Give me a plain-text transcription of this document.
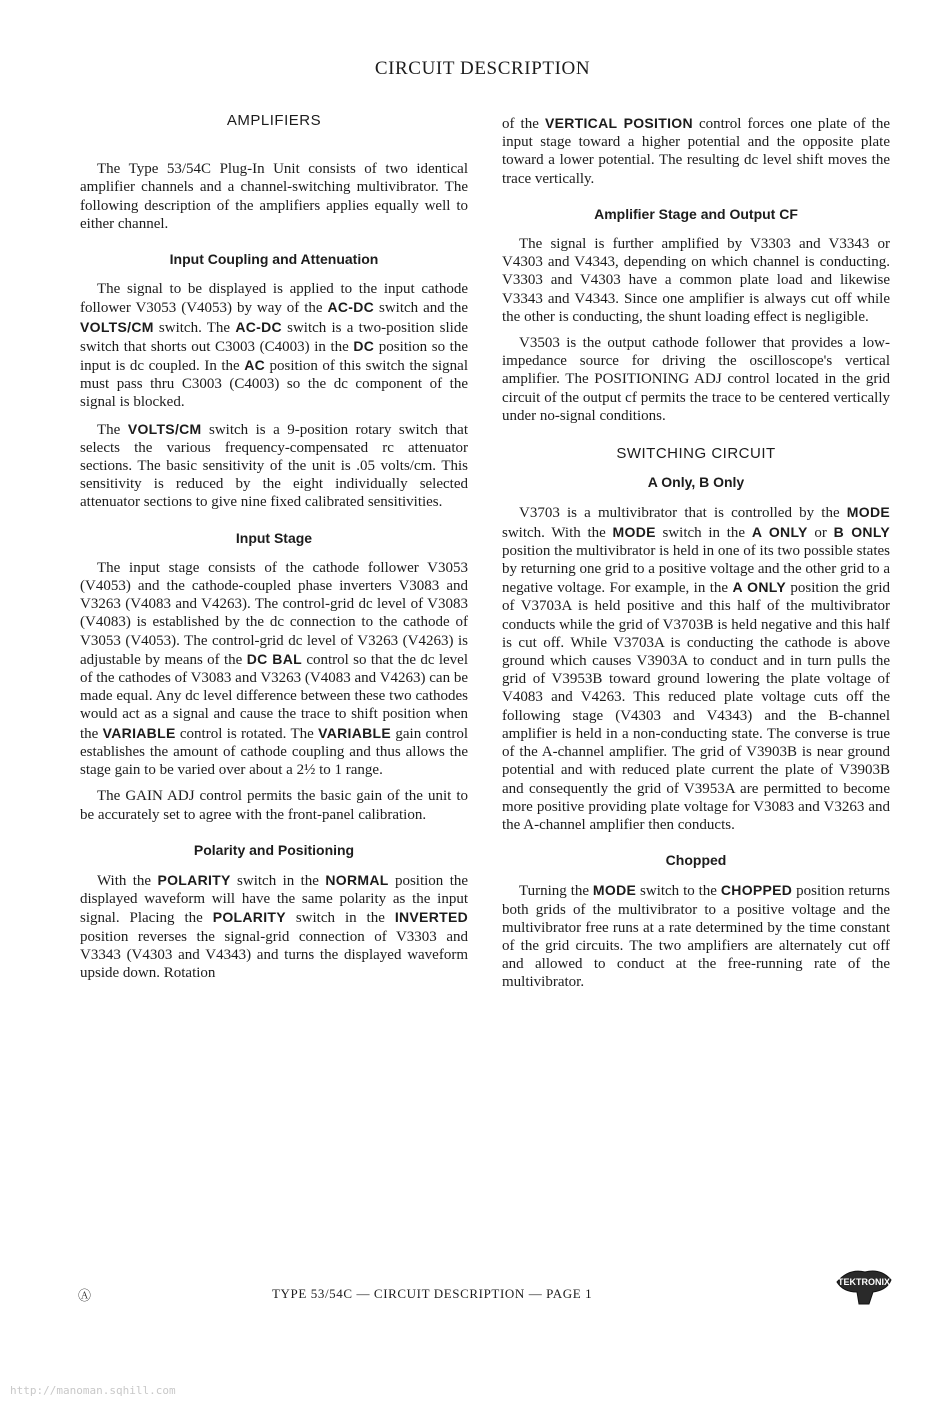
CIRCUIT DESCRIPTION
AMPLIFIERS

The Type 53/54C Plug-In Unit consists of two identical amplifier channels and a channel-switching multivibrator. The following description of the amplifiers applies equally well to either channel.

Input Coupling and Attenuation

The signal to be displayed is applied to the input cathode follower V3053 (V4053) by way of the AC-DC switch and the VOLTS/CM switch. The AC-DC switch is a two-position slide switch that shorts out C3003 (C4003) in the DC position so the input is dc coupled. In the AC position of this switch the signal must pass thru C3003 (C4003) so the dc component of the signal is blocked.

The VOLTS/CM switch is a 9-position rotary switch that selects the various frequency-compensated rc attenuator sections. The basic sensitivity of the unit is .05 volts/cm. This sensitivity is reduced by the eight individually selected attenuator sections to give nine fixed calibrated sensitivities.

Input Stage

The input stage consists of the cathode follower V3053 (V4053) and the cathode-coupled phase inverters V3083 and V3263 (V4083 and V4263). The control-grid dc level of V3083 (V4083) is established by the dc connection to the cathode of V3053 (V4053). The control-grid dc level of V3263 (V4263) is adjustable by means of the DC BAL control so that the dc level of the cathodes of V3083 and V3263 (V4083 and V4263) can be made equal. Any dc level difference between these two cathodes would act as a signal and cause the trace to shift position when the VARIABLE control is rotated. The VARIABLE gain control establishes the amount of cathode coupling and thus allows the stage gain to be varied over about a 2½ to 1 range.

The GAIN ADJ control permits the basic gain of the unit to be accurately set to agree with the front-panel calibration.

Polarity and Positioning

With the POLARITY switch in the NORMAL position the displayed waveform will have the same polarity as the input signal. Placing the POLARITY switch in the INVERTED position reverses the signal-grid connection of V3303 and V3343 (V4303 and V4343) and turns the displayed waveform upside down. Rotation

of the VERTICAL POSITION control forces one plate of the input stage toward a higher potential and the opposite plate toward a lower potential. The resulting dc level shift moves the trace vertically.

Amplifier Stage and Output CF

The signal is further amplified by V3303 and V3343 or V4303 and V4343, depending on which channel is conducting. V3303 and V4303 have a common plate load and likewise V3343 and V4343. Since one amplifier is always cut off while the other is conducting, the shunt loading effect is negligible.

V3503 is the output cathode follower that provides a low-impedance source for driving the oscilloscope's vertical amplifier. The POSITIONING ADJ control located in the grid circuit of the output cf permits the trace to be centered vertically under no-signal conditions.

SWITCHING CIRCUIT
A Only, B Only

V3703 is a multivibrator that is controlled by the MODE switch. With the MODE switch in the A ONLY or B ONLY position the multivibrator is held in one of its two possible states by returning one grid to a positive voltage and the other grid to a negative voltage. For example, in the A ONLY position the grid of V3703A is held positive and this half of the multivibrator conducts while the grid of V3703B is held negative and this half is cut off. While V3703A is conducting the cathode is above ground which causes V3903A to conduct and in turn pulls the grid of V3953B toward ground lowering the plate voltage of V4083 and V4263. This reduced plate voltage cuts off the following stage (V4303 and V4343) and the B-channel amplifier is held in a non-conducting state. The converse is true of the A-channel amplifier. The grid of V3903B is near ground potential and with reduced plate current the plate of V3903B and consequently the grid of V3953A are permitted to become more positive providing plate voltage for V3083 and V3263 and the A-channel amplifier then conducts.

Chopped

Turning the MODE switch to the CHOPPED position returns both grids of the multivibrator to a positive voltage and the multivibrator free runs at a rate determined by the time constant of the grid circuits. The two amplifiers are alternately cut off and allowed to conduct at the free-running rate of the multivibrator.

Ⓐ	TYPE 53/54C — CIRCUIT DESCRIPTION — PAGE 1
TEKTRONIX
http://manoman.sqhill.com
